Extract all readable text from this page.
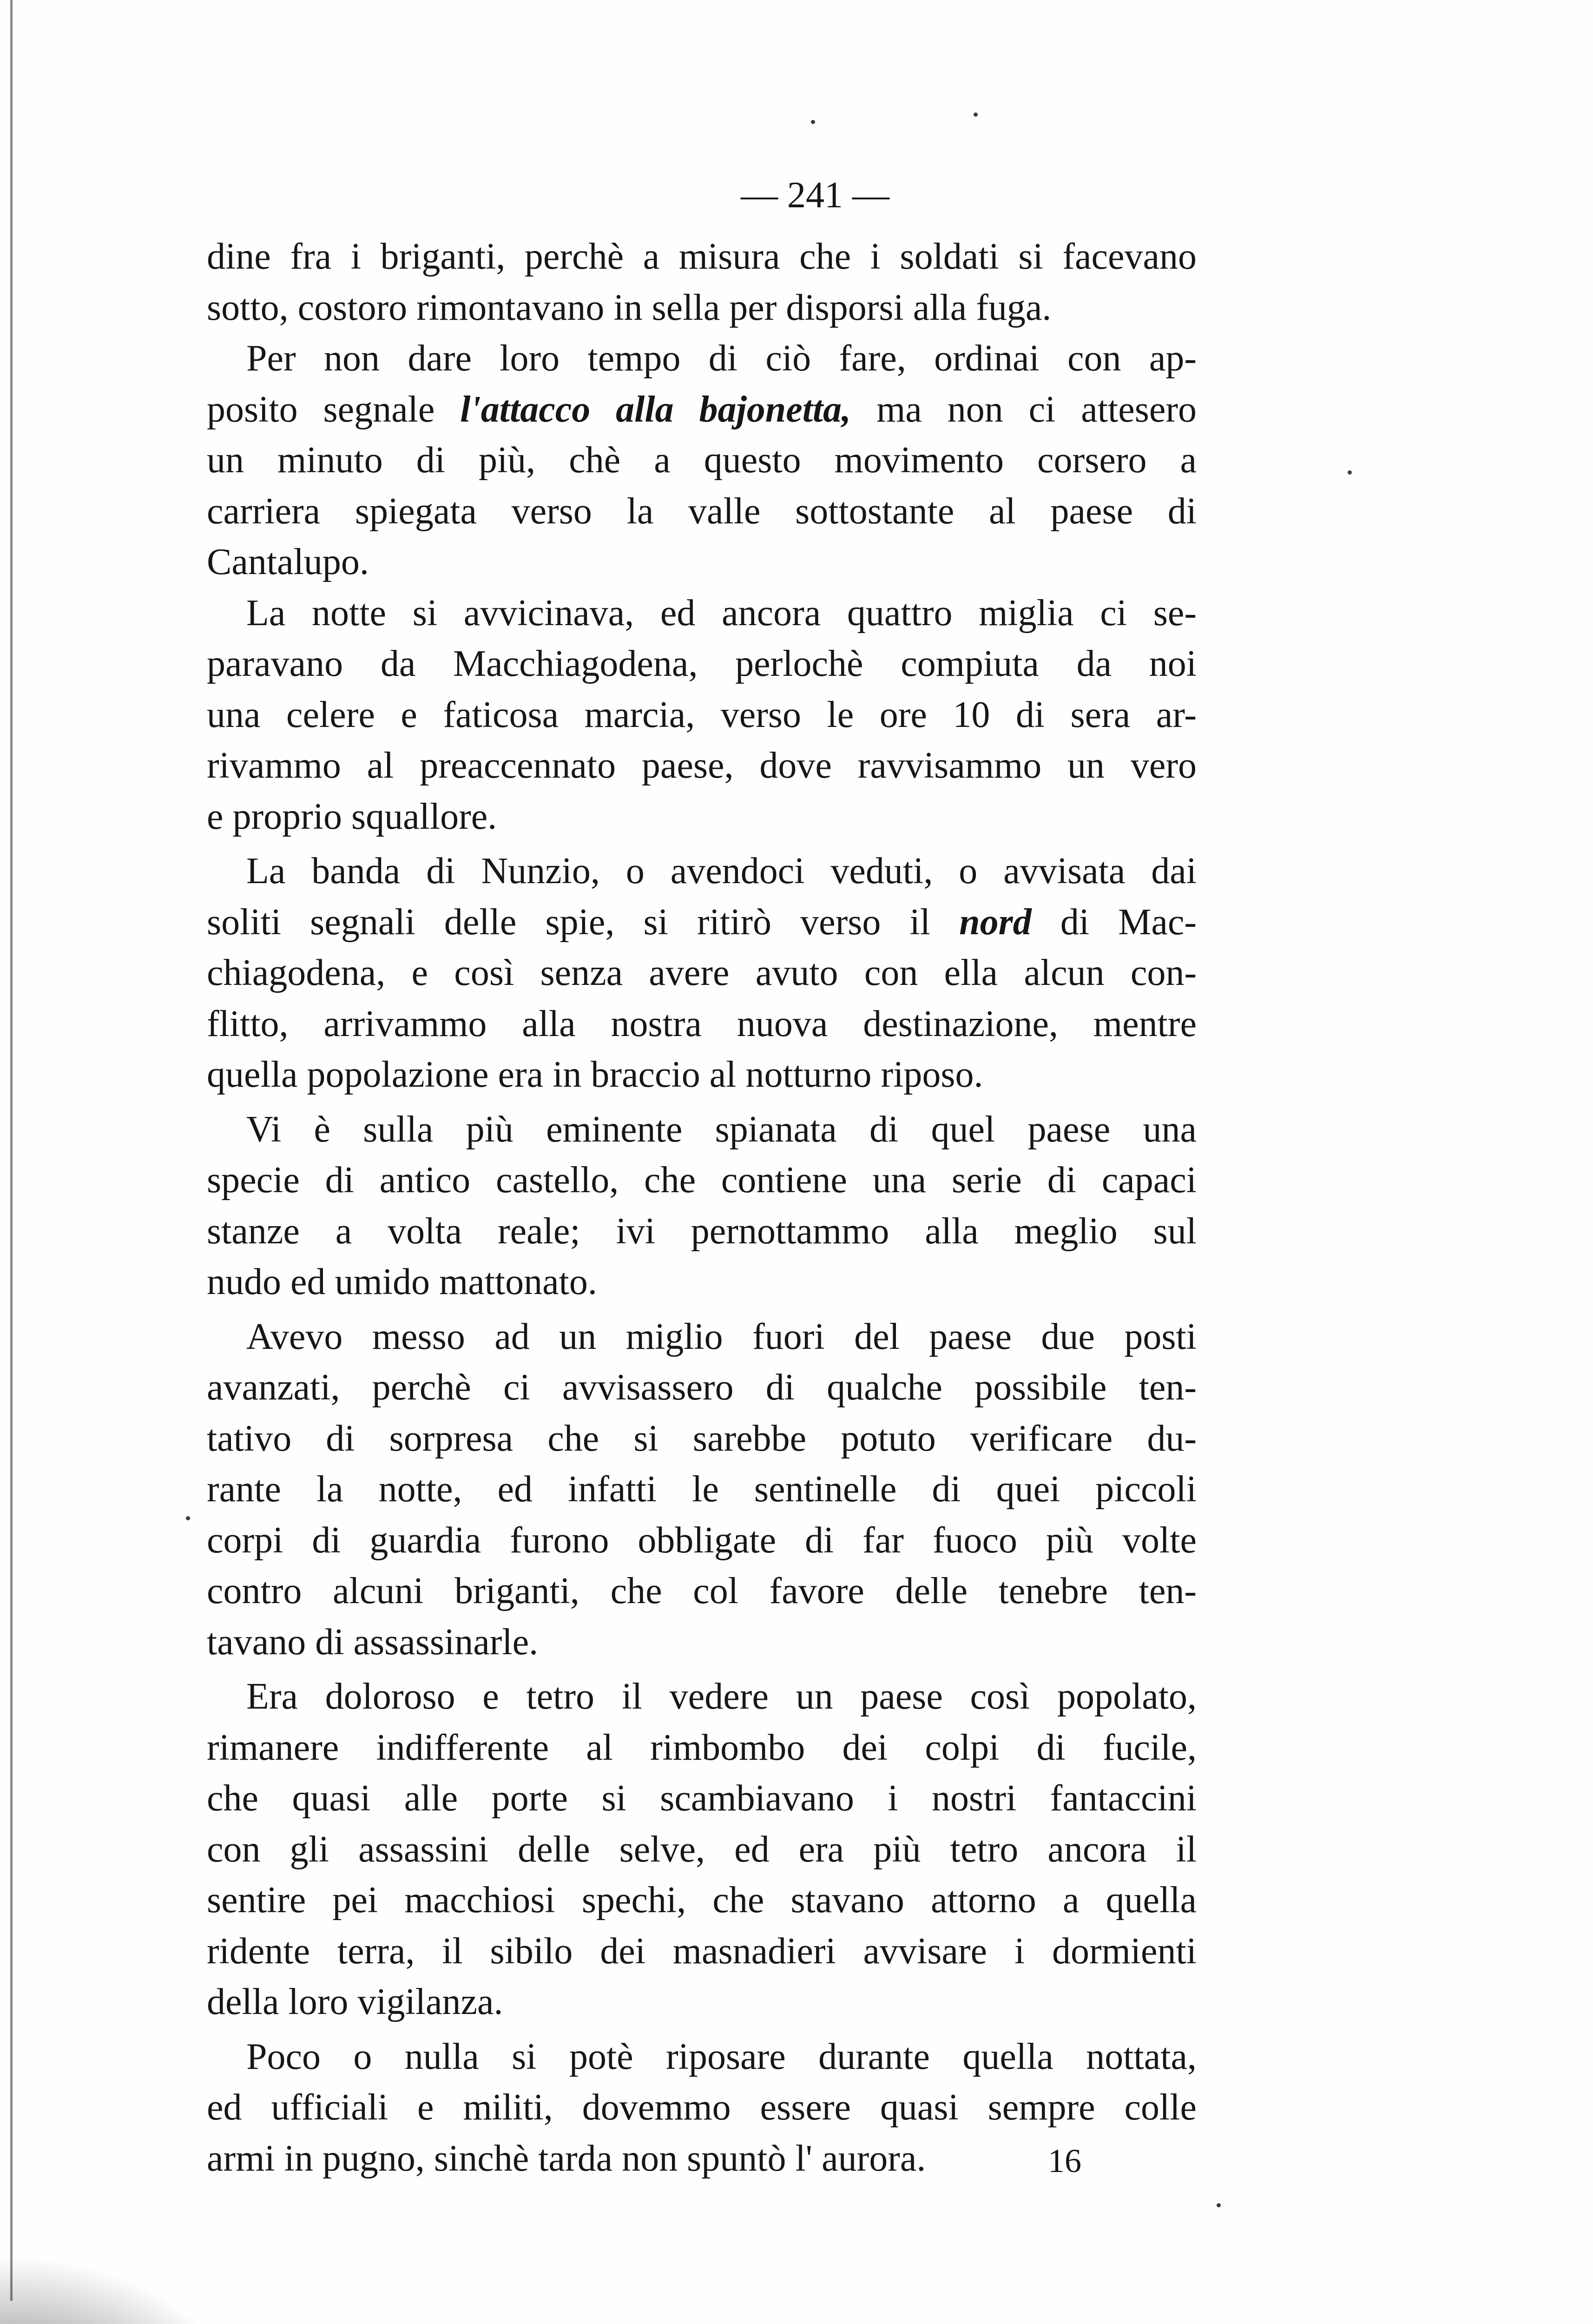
— 241 —
dine fra i briganti, perchè a misura che i soldati si facevano
sotto, costoro rimontavano in sella per disporsi alla fuga.
Per non dare loro tempo di ciò fare, ordinai con ap-
posito segnale l'attacco alla bajonetta, ma non ci attesero
un minuto di più, chè a questo movimento corsero a
carriera spiegata verso la valle sottostante al paese di
Cantalupo.
La notte si avvicinava, ed ancora quattro miglia ci se-
paravano da Macchiagodena, perlochè compiuta da noi
una celere e faticosa marcia, verso le ore 10 di sera ar-
rivammo al preaccennato paese, dove ravvisammo un vero
e proprio squallore.
La banda di Nunzio, o avendoci veduti, o avvisata dai
soliti segnali delle spie, si ritirò verso il nord di Mac-
chiagodena, e così senza avere avuto con ella alcun con-
flitto, arrivammo alla nostra nuova destinazione, mentre
quella popolazione era in braccio al notturno riposo.
Vi è sulla più eminente spianata di quel paese una
specie di antico castello, che contiene una serie di capaci
stanze a volta reale; ivi pernottammo alla meglio sul
nudo ed umido mattonato.
Avevo messo ad un miglio fuori del paese due posti
avanzati, perchè ci avvisassero di qualche possibile ten-
tativo di sorpresa che si sarebbe potuto verificare du-
rante la notte, ed infatti le sentinelle di quei piccoli
corpi di guardia furono obbligate di far fuoco più volte
contro alcuni briganti, che col favore delle tenebre ten-
tavano di assassinarle.
Era doloroso e tetro il vedere un paese così popolato,
rimanere indifferente al rimbombo dei colpi di fucile,
che quasi alle porte si scambiavano i nostri fantaccini
con gli assassini delle selve, ed era più tetro ancora il
sentire pei macchiosi spechi, che stavano attorno a quella
ridente terra, il sibilo dei masnadieri avvisare i dormienti
della loro vigilanza.
Poco o nulla si potè riposare durante quella nottata,
ed ufficiali e militi, dovemmo essere quasi sempre colle
armi in pugno, sinchè tarda non spuntò l' aurora.	16
